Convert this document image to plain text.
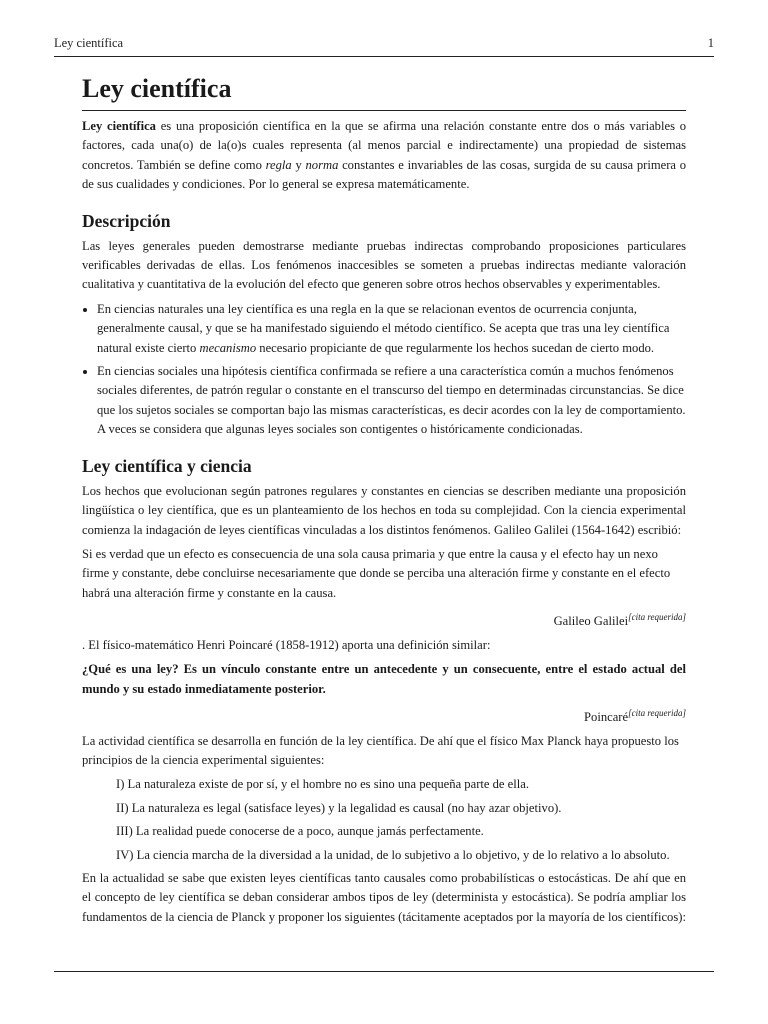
Ley científica	1
Ley científica

Ley científica es una proposición científica en la que se afirma una relación constante entre dos o más variables o factores, cada una(o) de la(o)s cuales representa (al menos parcial e indirectamente) una propiedad de sistemas concretos. También se define como regla y norma constantes e invariables de las cosas, surgida de su causa primera o de sus cualidades y condiciones. Por lo general se expresa matemáticamente.

Descripción

Las leyes generales pueden demostrarse mediante pruebas indirectas comprobando proposiciones particulares verificables derivadas de ellas. Los fenómenos inaccesibles se someten a pruebas indirectas mediante valoración cualitativa y cuantitativa de la evolución del efecto que generen sobre otros hechos observables y experimentables.

• En ciencias naturales una ley científica es una regla en la que se relacionan eventos de ocurrencia conjunta, generalmente causal, y que se ha manifestado siguiendo el método científico. Se acepta que tras una ley científica natural existe cierto mecanismo necesario propiciante de que regularmente los hechos sucedan de cierto modo.
• En ciencias sociales una hipótesis científica confirmada se refiere a una característica común a muchos fenómenos sociales diferentes, de patrón regular o constante en el transcurso del tiempo en determinadas circunstancias. Se dice que los sujetos sociales se comportan bajo las mismas características, es decir acordes con la ley de comportamiento. A veces se considera que algunas leyes sociales son contigentes o históricamente condicionadas.
Ley científica y ciencia

Los hechos que evolucionan según patrones regulares y constantes en ciencias se describen mediante una proposición lingüística o ley científica, que es un planteamiento de los hechos en toda su complejidad. Con la ciencia experimental comienza la indagación de leyes científicas vinculadas a los distintos fenómenos. Galileo Galilei (1564-1642) escribió:

Si es verdad que un efecto es consecuencia de una sola causa primaria y que entre la causa y el efecto hay un nexo firme y constante, debe concluirse necesariamente que donde se perciba una alteración firme y constante en el efecto habrá una alteración firme y constante en la causa.

Galileo Galilei[cita requerida]

. El físico-matemático Henri Poincaré (1858-1912) aporta una definición similar:

¿Qué es una ley? Es un vínculo constante entre un antecedente y un consecuente, entre el estado actual del mundo y su estado inmediatamente posterior.

Poincaré[cita requerida]

La actividad científica se desarrolla en función de la ley científica. De ahí que el físico Max Planck haya propuesto los principios de la ciencia experimental siguientes:

I) La naturaleza existe de por sí, y el hombre no es sino una pequeña parte de ella.

II) La naturaleza es legal (satisface leyes) y la legalidad es causal (no hay azar objetivo).

III) La realidad puede conocerse de a poco, aunque jamás perfectamente.

IV) La ciencia marcha de la diversidad a la unidad, de lo subjetivo a lo objetivo, y de lo relativo a lo absoluto.

En la actualidad se sabe que existen leyes científicas tanto causales como probabilísticas o estocásticas. De ahí que en el concepto de ley científica se deban considerar ambos tipos de ley (determinista y estocástica). Se podría ampliar los fundamentos de la ciencia de Planck y proponer los siguientes (tácitamente aceptados por la mayoría de los científicos):
